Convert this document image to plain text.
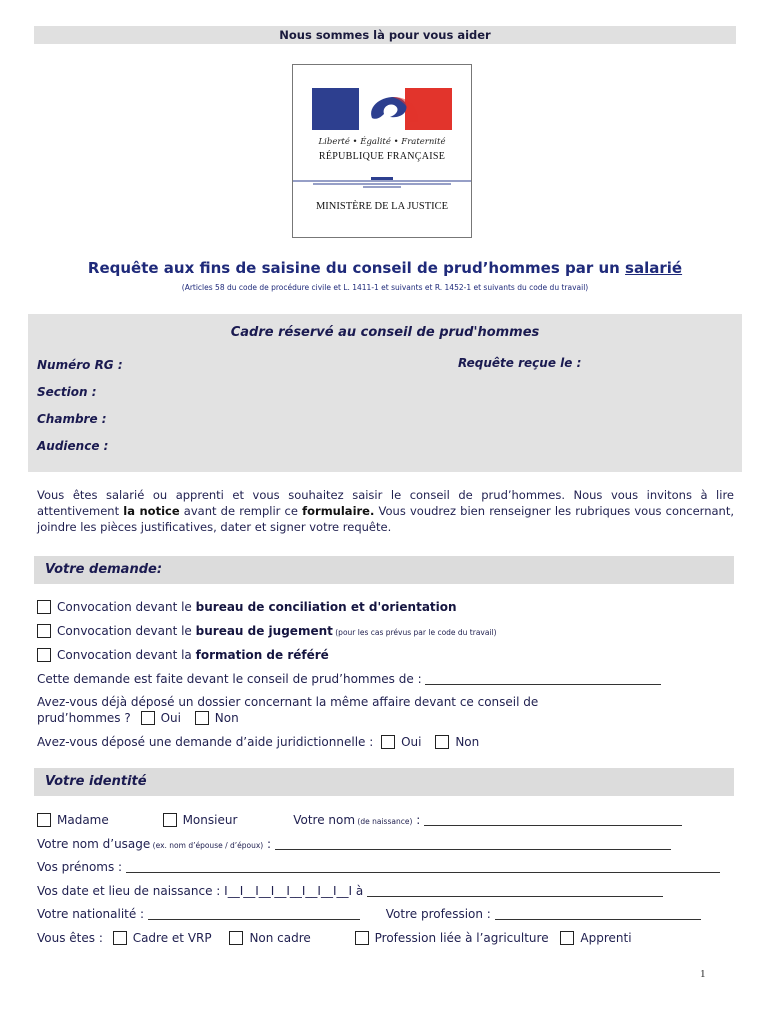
Nous sommes là pour vous aider
Liberté • Égalité • Fraternité
RÉPUBLIQUE FRANÇAISE
MINISTÈRE DE LA JUSTICE
Requête aux fins de saisine du conseil de prud’hommes par un salarié
(Articles 58 du code de procédure civile et L. 1411-1 et suivants et R. 1452-1 et suivants du code du travail)
Cadre réservé au conseil de prud'hommes
Numéro RG :	Requête reçue le :
Section :
Chambre :
Audience :
Vous êtes salarié ou apprenti et vous souhaitez saisir le conseil de prud’hommes. Nous vous invitons à lire attentivement la notice avant de remplir ce formulaire. Vous voudrez bien renseigner les rubriques vous concernant, joindre les pièces justificatives, dater et signer votre requête.
Votre demande:
Convocation devant le bureau de conciliation et d'orientation
Convocation devant le bureau de jugement (pour les cas prévus par le code du travail)
Convocation devant la formation de référé
Cette demande est faite devant le conseil de prud’hommes de :
Avez-vous déjà déposé un dossier concernant la même affaire devant ce conseil de
prud’hommes ? Oui	Non
Avez-vous déposé une demande d’aide juridictionnelle : Oui	Non
Votre identité
Madame	Monsieur	Votre nom (de naissance) :
Votre nom d’usage (ex. nom d’épouse / d’époux) :
Vos prénoms :
Vos date et lieu de naissance : I__I__I__I__I__I__I__I__I à
Votre nationalité :	Votre profession :
Vous êtes : Cadre et VRP	Non cadre	Profession liée à l’agriculture	Apprenti
1
